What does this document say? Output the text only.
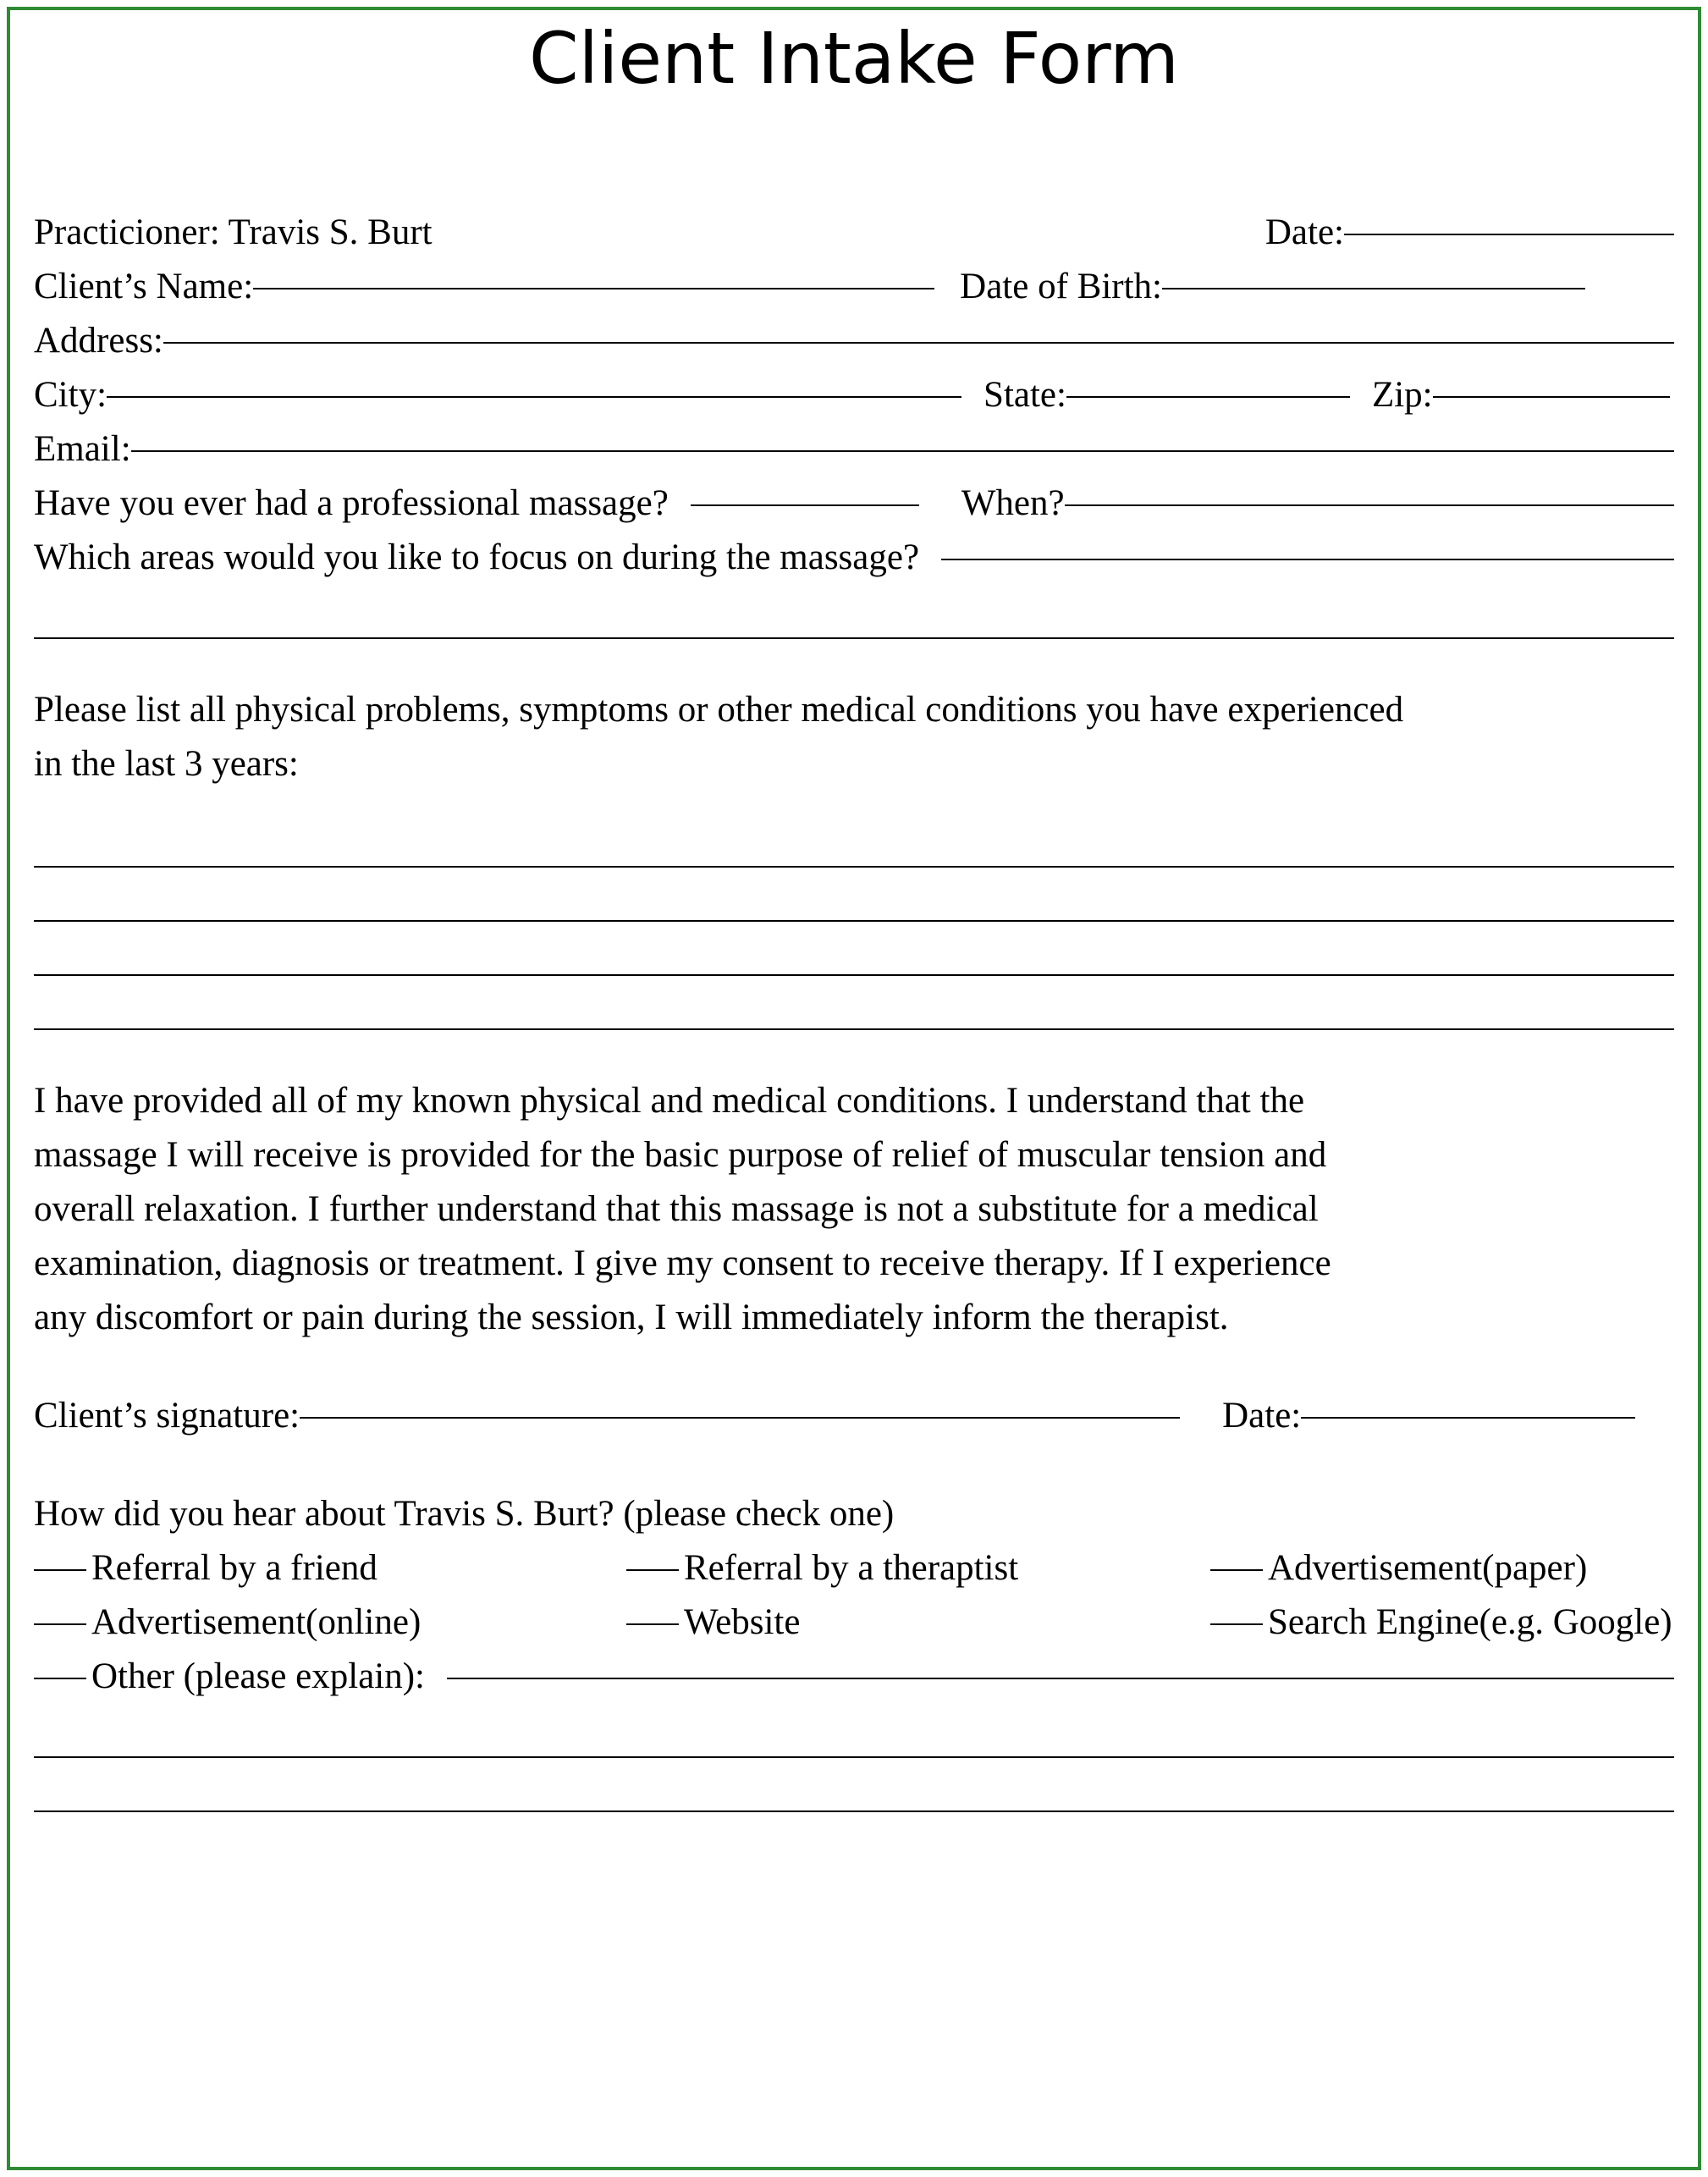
Client Intake Form
Practicioner: Travis S. Burt	Date:
Client’s Name:	Date of Birth:
Address:
City:	State:	Zip:
Email:
Have you ever had a professional massage?	When?
Which areas would you like to focus on during the massage?
Please list all physical problems, symptoms or other medical conditions you have experienced
in the last 3 years:
I have provided all of my known physical and medical conditions. I understand that the
massage I will receive is provided for the basic purpose of relief of muscular tension and
overall relaxation. I further understand that this massage is not a substitute for a medical
examination, diagnosis or treatment. I give my consent to receive therapy. If I experience
any discomfort or pain during the session, I will immediately inform the therapist.
Client’s signature:	Date:
How did you hear about Travis S. Burt? (please check one)
Referral by a friend	Referral by a theraptist	Advertisement(paper)
Advertisement(online)	Website	Search Engine(e.g. Google)
Other (please explain):
